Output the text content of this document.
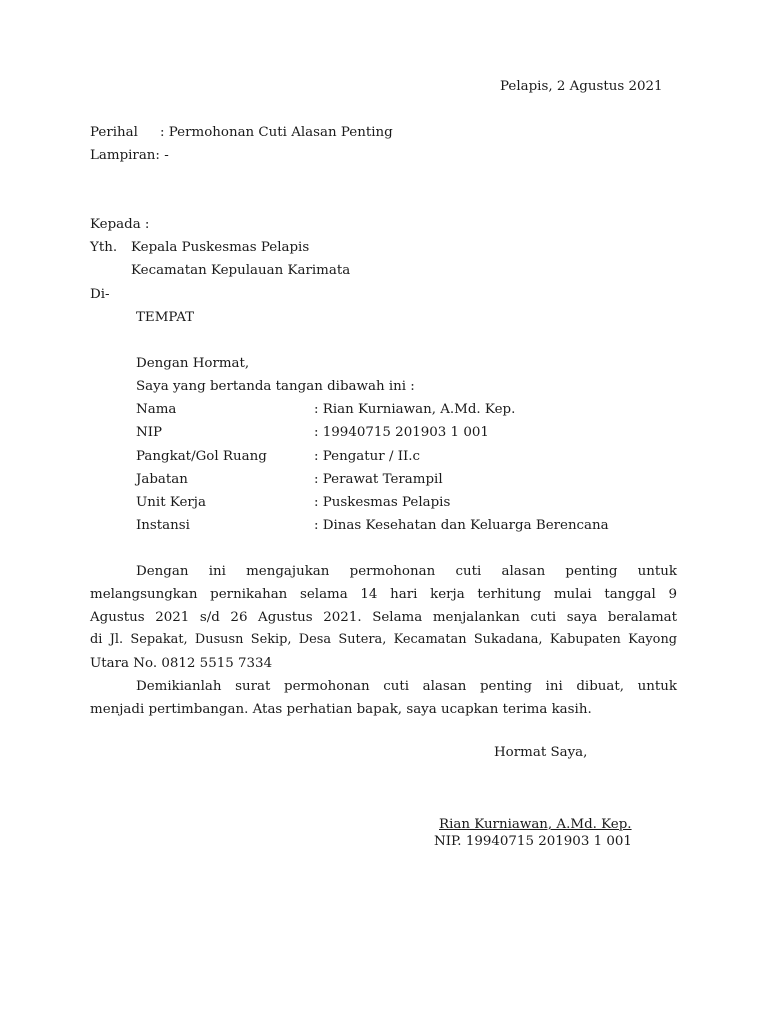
Pelapis, 2 Agustus 2021
Perihal : Permohonan Cuti Alasan Penting
Lampiran: -
Kepada :
Yth. Kepala Puskesmas Pelapis
Kecamatan Kepulauan Karimata
Di-
TEMPAT
Dengan Hormat,
Saya yang bertanda tangan dibawah ini :
Nama	: Rian Kurniawan, A.Md. Kep.
NIP	: 19940715 201903 1 001
Pangkat/Gol Ruang	: Pengatur / II.c
Jabatan	: Perawat Terampil
Unit Kerja	: Puskesmas Pelapis
Instansi	: Dinas Kesehatan dan Keluarga Berencana
Dengan ini mengajukan permohonan cuti alasan penting untuk
melangsungkan pernikahan selama 14 hari kerja terhitung mulai tanggal 9
Agustus 2021 s/d 26 Agustus 2021. Selama menjalankan cuti saya beralamat
di Jl. Sepakat, Dususn Sekip, Desa Sutera, Kecamatan Sukadana, Kabupaten Kayong
Utara No. 0812 5515 7334
Demikianlah surat permohonan cuti alasan penting ini dibuat, untuk
menjadi pertimbangan. Atas perhatian bapak, saya ucapkan terima kasih.
Hormat Saya,
Rian Kurniawan, A.Md. Kep.
NIP. 19940715 201903 1 001
